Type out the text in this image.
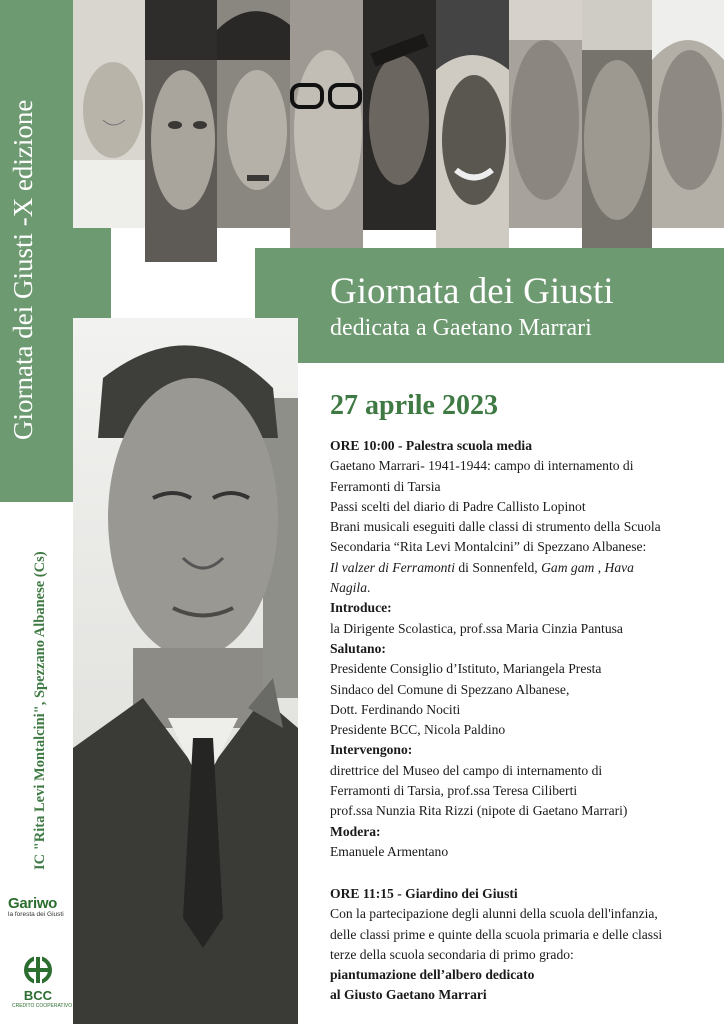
Giornata dei Giusti -X edizione	Giornata dei Giusti
dedicata a Gaetano Marrari
27 aprile 2023
ORE 10:00 - Palestra scuola media
Gaetano Marrari- 1941-1944: campo di internamento di
Ferramonti di Tarsia
Passi scelti del diario di Padre Callisto Lopinot
Brani musicali eseguiti dalle classi di strumento della Scuola
Secondaria “Rita Levi Montalcini” di Spezzano Albanese:
Il valzer di Ferramonti di Sonnenfeld, Gam gam , Hava
Nagila.
Introduce:
la Dirigente Scolastica, prof.ssa Maria Cinzia Pantusa
Salutano:
Presidente Consiglio d’Istituto, Mariangela Presta
Sindaco del Comune di Spezzano Albanese,
Dott. Ferdinando Nociti
Presidente BCC, Nicola Paldino
Intervengono:
direttrice del Museo del campo di internamento di
Ferramonti di Tarsia, prof.ssa Teresa Ciliberti
prof.ssa Nunzia Rita Rizzi (nipote di Gaetano Marrari)
Modera:
Emanuele Armentano
ORE 11:15 - Giardino dei Giusti
Con la partecipazione degli alunni della scuola dell'infanzia,
delle classi prime e quinte della scuola primaria e delle classi
terze della scuola secondaria di primo grado:
piantumazione dell’albero dedicato
al Giusto Gaetano Marrari
IC "Rita Levi Montalcini", Spezzano Albanese (Cs)
Gariwo
la foresta dei Giusti
BCC
CREDITO COOPERATIVO
